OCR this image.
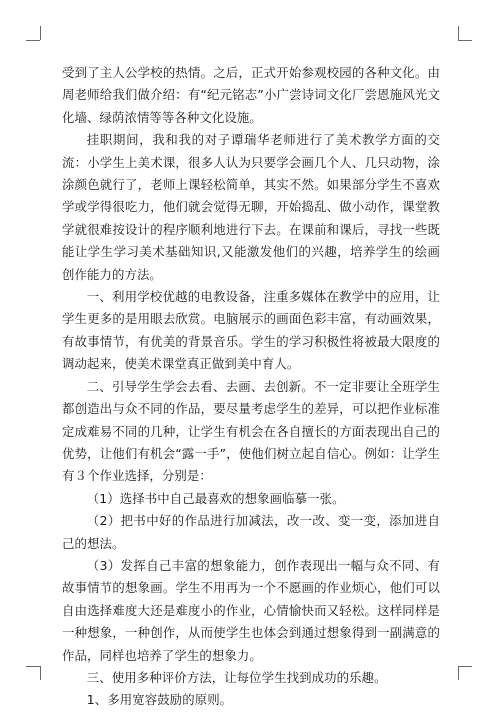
受到了主人公学校的热情。之后，正式开始参观校园的各种文化。由周老师给我们做介绍：有“纪元铭志”小广尝诗词文化厂尝恩施风光文化墙、绿荫浓情等等各种文化设施。

挂职期间，我和我的对子谭瑞华老师进行了美术教学方面的交流：小学生上美术课，很多人认为只要学会画几个人、几只动物，涂涂颜色就行了，老师上课轻松简单，其实不然。如果部分学生不喜欢学或学得很吃力，他们就会觉得无聊，开始捣乱、做小动作，课堂教学就很难按设计的程序顺利地进行下去。在课前和课后，寻找一些既能让学生学习美术基础知识,又能激发他们的兴趣，培养学生的绘画创作能力的方法。

一、利用学校优越的电教设备，注重多媒体在教学中的应用，让学生更多的是用眼去欣赏。电脑展示的画面色彩丰富，有动画效果，有故事情节，有优美的背景音乐。学生的学习积极性将被最大限度的调动起来，使美术课堂真正做到美中育人。

二、引导学生学会去看、去画、去创新。不一定非要让全班学生都创造出与众不同的作品，要尽量考虑学生的差异，可以把作业标准定成难易不同的几种，让学生有机会在各自擅长的方面表现出自己的优势，让他们有机会“露一手”，使他们树立起自信心。例如：让学生有３个作业选择，分别是：

（1）选择书中自己最喜欢的想象画临摹一张。

（2）把书中好的作品进行加减法，改一改、变一变，添加进自己的想法。

（3）发挥自己丰富的想象能力，创作表现出一幅与众不同、有故事情节的想象画。学生不用再为一个不愿画的作业烦心，他们可以自由选择难度大还是难度小的作业，心情愉快而又轻松。这样同样是一种想象，一种创作，从而使学生也体会到通过想象得到一副满意的作品，同样也培养了学生的想象力。

三、使用多种评价方法，让每位学生找到成功的乐趣。

1、多用宽容鼓励的原则。
